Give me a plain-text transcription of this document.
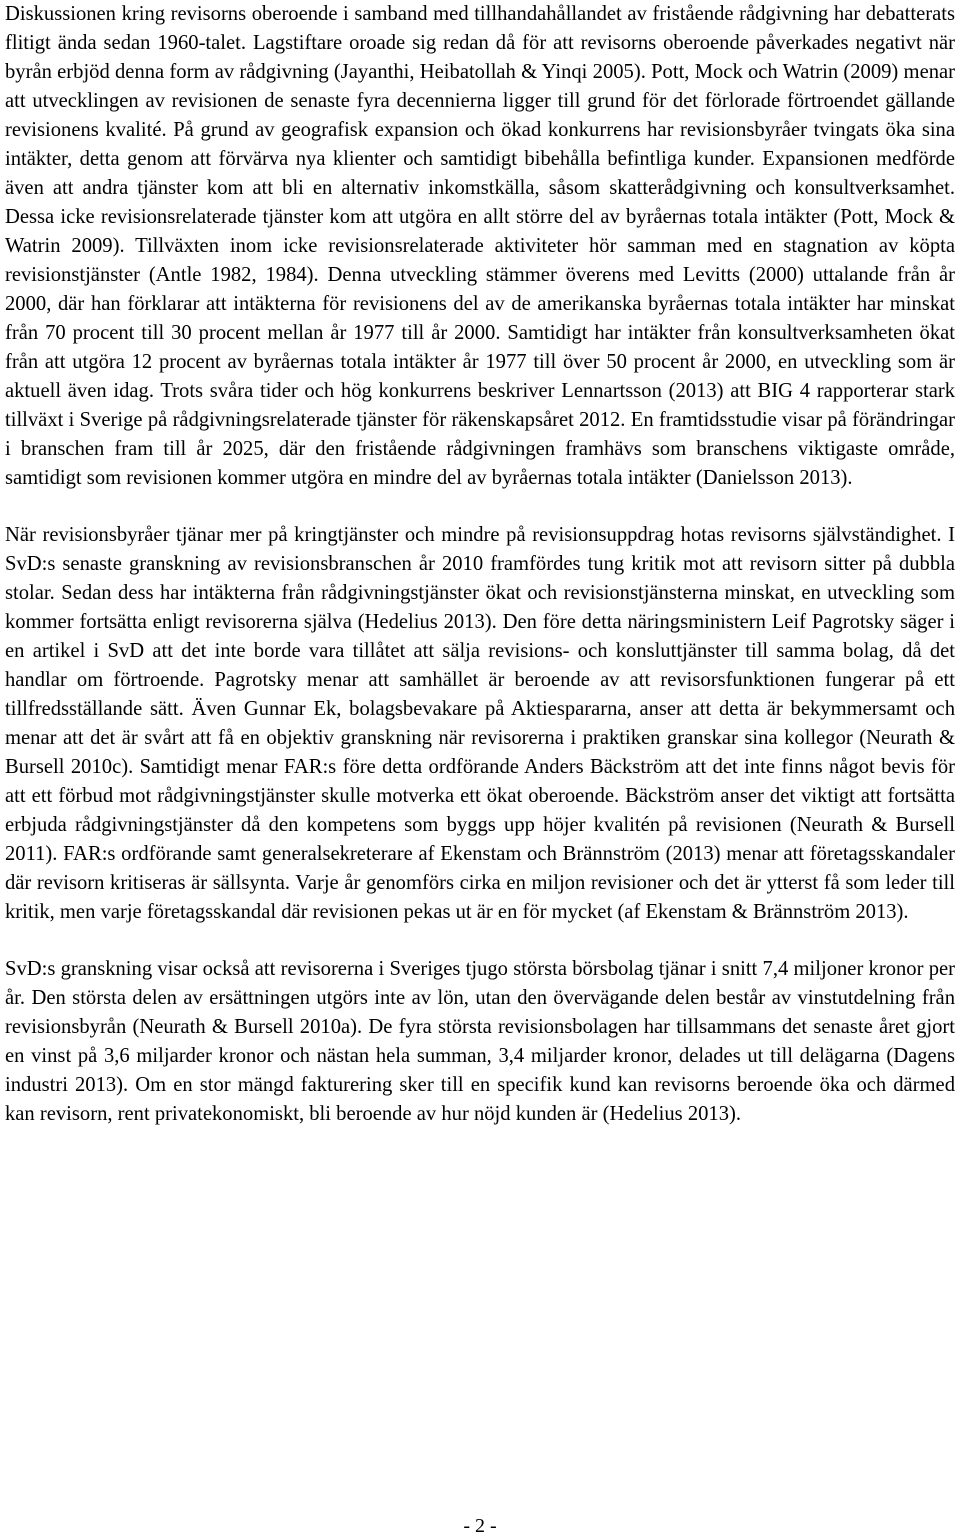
Diskussionen kring revisorns oberoende i samband med tillhandahållandet av fristående rådgivning har debatterats flitigt ända sedan 1960-talet. Lagstiftare oroade sig redan då för att revisorns oberoende påverkades negativt när byrån erbjöd denna form av rådgivning (Jayanthi, Heibatollah & Yinqi 2005). Pott, Mock och Watrin (2009) menar att utvecklingen av revisionen de senaste fyra decennierna ligger till grund för det förlorade förtroendet gällande revisionens kvalité. På grund av geografisk expansion och ökad konkurrens har revisionsbyråer tvingats öka sina intäkter, detta genom att förvärva nya klienter och samtidigt bibehålla befintliga kunder. Expansionen medförde även att andra tjänster kom att bli en alternativ inkomstkälla, såsom skatterådgivning och konsultverksamhet. Dessa icke revisionsrelaterade tjänster kom att utgöra en allt större del av byråernas totala intäkter (Pott, Mock & Watrin 2009). Tillväxten inom icke revisionsrelaterade aktiviteter hör samman med en stagnation av köpta revisionstjänster (Antle 1982, 1984). Denna utveckling stämmer överens med Levitts (2000) uttalande från år 2000, där han förklarar att intäkterna för revisionens del av de amerikanska byråernas totala intäkter har minskat från 70 procent till 30 procent mellan år 1977 till år 2000. Samtidigt har intäkter från konsultverksamheten ökat från att utgöra 12 procent av byråernas totala intäkter år 1977 till över 50 procent år 2000, en utveckling som är aktuell även idag. Trots svåra tider och hög konkurrens beskriver Lennartsson (2013) att BIG 4 rapporterar stark tillväxt i Sverige på rådgivningsrelaterade tjänster för räkenskapsåret 2012. En framtidsstudie visar på förändringar i branschen fram till år 2025, där den fristående rådgivningen framhävs som branschens viktigaste område, samtidigt som revisionen kommer utgöra en mindre del av byråernas totala intäkter (Danielsson 2013).

När revisionsbyråer tjänar mer på kringtjänster och mindre på revisionsuppdrag hotas revisorns självständighet. I SvD:s senaste granskning av revisionsbranschen år 2010 framfördes tung kritik mot att revisorn sitter på dubbla stolar. Sedan dess har intäkterna från rådgivningstjänster ökat och revisionstjänsterna minskat, en utveckling som kommer fortsätta enligt revisorerna själva (Hedelius 2013). Den före detta näringsministern Leif Pagrotsky säger i en artikel i SvD att det inte borde vara tillåtet att sälja revisions- och konsluttjänster till samma bolag, då det handlar om förtroende. Pagrotsky menar att samhället är beroende av att revisorsfunktionen fungerar på ett tillfredsställande sätt. Även Gunnar Ek, bolagsbevakare på Aktiespararna, anser att detta är bekymmersamt och menar att det är svårt att få en objektiv granskning när revisorerna i praktiken granskar sina kollegor (Neurath & Bursell 2010c). Samtidigt menar FAR:s före detta ordförande Anders Bäckström att det inte finns något bevis för att ett förbud mot rådgivningstjänster skulle motverka ett ökat oberoende. Bäckström anser det viktigt att fortsätta erbjuda rådgivningstjänster då den kompetens som byggs upp höjer kvalitén på revisionen (Neurath & Bursell 2011). FAR:s ordförande samt generalsekreterare af Ekenstam och Brännström (2013) menar att företagsskandaler där revisorn kritiseras är sällsynta. Varje år genomförs cirka en miljon revisioner och det är ytterst få som leder till kritik, men varje företagsskandal där revisionen pekas ut är en för mycket (af Ekenstam & Brännström 2013).

SvD:s granskning visar också att revisorerna i Sveriges tjugo största börsbolag tjänar i snitt 7,4 miljoner kronor per år. Den största delen av ersättningen utgörs inte av lön, utan den övervägande delen består av vinstutdelning från revisionsbyrån (Neurath & Bursell 2010a). De fyra största revisionsbolagen har tillsammans det senaste året gjort en vinst på 3,6 miljarder kronor och nästan hela summan, 3,4 miljarder kronor, delades ut till delägarna (Dagens industri 2013). Om en stor mängd fakturering sker till en specifik kund kan revisorns beroende öka och därmed kan revisorn, rent privatekonomiskt, bli beroende av hur nöjd kunden är (Hedelius 2013).

- 2 -
